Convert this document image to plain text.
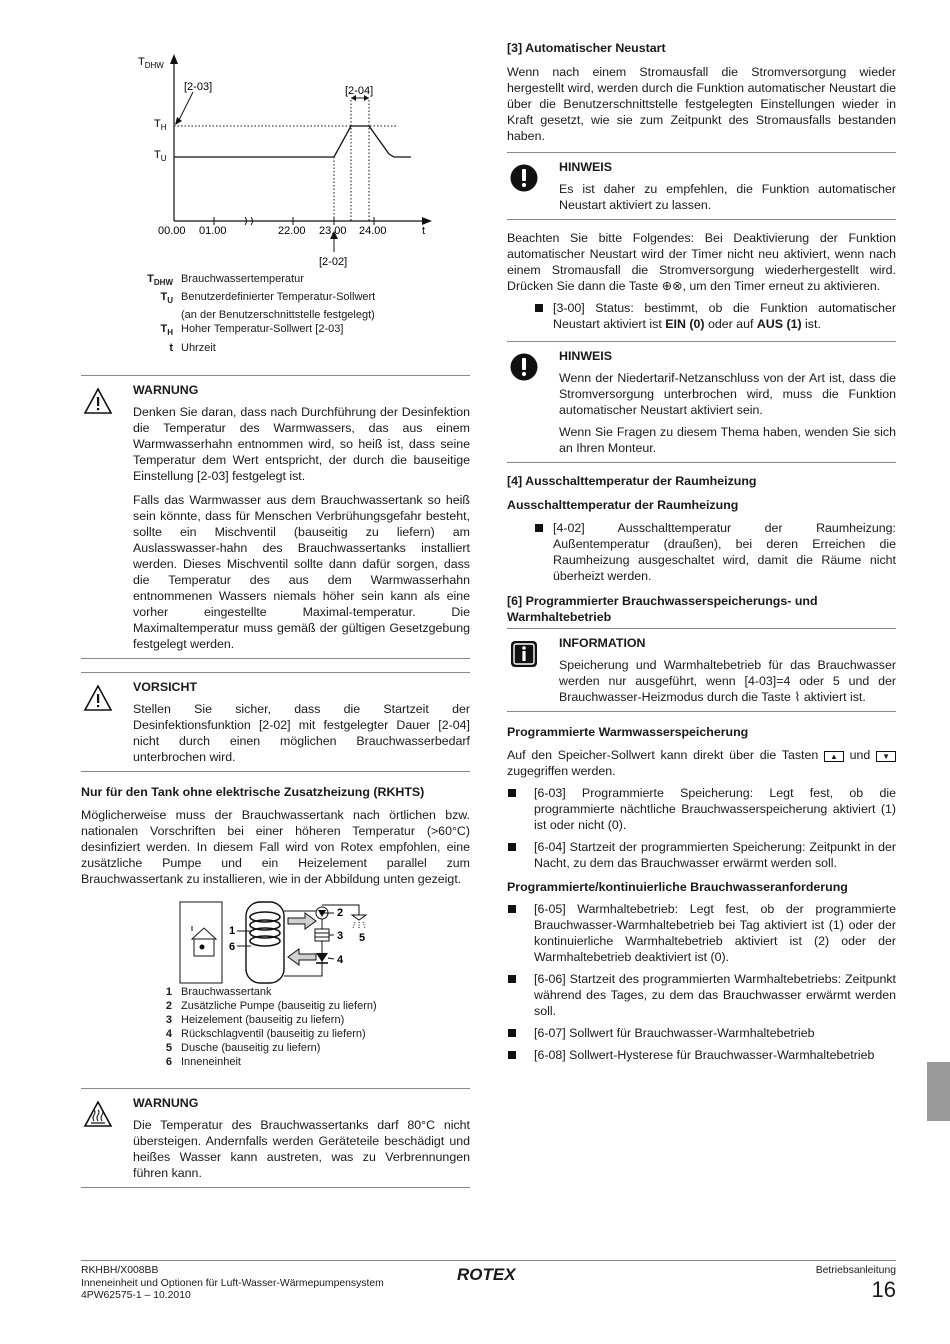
$T_{DHW}$
$T_H$
$T_U$
[2-03]	[2-04]
[2-02]
00.00 01.00	22.00 23.00 24.00	t
$T_{DHW}$ Brauchwassertemperatur
$T_U$ Benutzerdefinierter Temperatur-Sollwert
(an der Benutzerschnittstelle festgelegt)
$T_H$ Hoher Temperatur-Sollwert [2-03]
t Uhrzeit
WARNUNG

Denken Sie daran, dass nach Durchführung der Desinfektion die Temperatur des Warmwassers, das aus einem Warmwasserhahn entnommen wird, so heiß ist, dass seine Temperatur dem Wert entspricht, der durch die bauseitige Einstellung [2-03] festgelegt ist.

Falls das Warmwasser aus dem Brauchwassertank so heiß sein könnte, dass für Menschen Verbrühungsgefahr besteht, sollte ein Mischventil (bauseitig zu liefern) am Auslasswasser-hahn des Brauchwassertanks installiert werden. Dieses Mischventil sollte dann dafür sorgen, dass die Temperatur des aus dem Warmwasserhahn entnommenen Wassers niemals höher sein kann als eine vorher eingestellte Maximal-temperatur. Die Maximaltemperatur muss gemäß der gültigen Gesetzgebung festgelegt werden.

VORSICHT

Stellen Sie sicher, dass die Startzeit der Desinfektionsfunktion [2-02] mit festgelegter Dauer [2-04] nicht durch einen möglichen Brauchwasserbedarf unterbrochen wird.

Nur für den Tank ohne elektrische Zusatzheizung (RKHTS)

Möglicherweise muss der Brauchwassertank nach örtlichen bzw. nationalen Vorschriften bei einer höheren Temperatur (>60°C) desinfiziert werden. In diesem Fall wird von Rotex empfohlen, eine zusätzliche Pumpe und ein Heizelement parallel zum Brauchwassertank zu installieren, wie in der Abbildung unten gezeigt.

1
6
2
3
4
5
1 Brauchwassertank
2 Zusätzliche Pumpe (bauseitig zu liefern)
3 Heizelement (bauseitig zu liefern)
4 Rückschlagventil (bauseitig zu liefern)
5 Dusche (bauseitig zu liefern)
6 Inneneinheit
WARNUNG

Die Temperatur des Brauchwassertanks darf 80°C nicht übersteigen. Andernfalls werden Geräteteile beschädigt und heißes Wasser kann austreten, was zu Verbrennungen führen kann.

[3] Automatischer Neustart

Wenn nach einem Stromausfall die Stromversorgung wieder hergestellt wird, werden durch die Funktion automatischer Neustart die über die Benutzerschnittstelle festgelegten Einstellungen wieder in Kraft gesetzt, wie sie zum Zeitpunkt des Stromausfalls bestanden haben.

HINWEIS

Es ist daher zu empfehlen, die Funktion automatischer Neustart aktiviert zu lassen.

Beachten Sie bitte Folgendes: Bei Deaktivierung der Funktion automatischer Neustart wird der Timer nicht neu aktiviert, wenn nach einem Stromausfall die Stromversorgung wiederhergestellt wird. Drücken Sie dann die Taste ⊕⊗, um den Timer erneut zu aktivieren.

[3-00] Status: bestimmt, ob die Funktion automatischer Neustart aktiviert ist EIN (0) oder auf AUS (1) ist.
HINWEIS

Wenn der Niedertarif-Netzanschluss von der Art ist, dass die Stromversorgung unterbrochen wird, muss die Funktion automatischer Neustart aktiviert sein.

Wenn Sie Fragen zu diesem Thema haben, wenden Sie sich an Ihren Monteur.

[4] Ausschalttemperatur der Raumheizung
Ausschalttemperatur der Raumheizung
[4-02] Ausschalttemperatur der Raumheizung: Außentemperatur (draußen), bei deren Erreichen die Raumheizung ausgeschaltet wird, damit die Räume nicht überheizt werden.
[6] Programmierter Brauchwasserspeicherungs- und Warmhaltebetrieb
INFORMATION

Speicherung und Warmhaltebetrieb für das Brauchwasser werden nur ausgeführt, wenn [4-03]=4 oder 5 und der Brauchwasser-Heizmodus durch die Taste ⌇ aktiviert ist.

Programmierte Warmwasserspeicherung

Auf den Speicher-Sollwert kann direkt über die Tasten ▲ und ▼ zugegriffen werden.

[6-03] Programmierte Speicherung: Legt fest, ob die programmierte nächtliche Brauchwasserspeicherung aktiviert (1) ist oder nicht (0).
[6-04] Startzeit der programmierten Speicherung: Zeitpunkt in der Nacht, zu dem das Brauchwasser erwärmt werden soll.
Programmierte/kontinuierliche Brauchwasseranforderung
[6-05] Warmhaltebetrieb: Legt fest, ob der programmierte Brauchwasser-Warmhaltebetrieb bei Tag aktiviert ist (1) oder der kontinuierliche Warmhaltebetrieb aktiviert ist (2) oder der Warmhaltebetrieb deaktiviert ist (0).
[6-06] Startzeit des programmierten Warmhaltebetriebs: Zeitpunkt während des Tages, zu dem das Brauchwasser erwärmt werden soll.
[6-07] Sollwert für Brauchwasser-Warmhaltebetrieb
[6-08] Sollwert-Hysterese für Brauchwasser-Warmhaltebetrieb
RKHBH/X008BB
Inneneinheit und Optionen für Luft-Wasser-Wärmepumpensystem
4PW62575-1 – 10.2010
ROTEX	Betriebsanleitung
16
